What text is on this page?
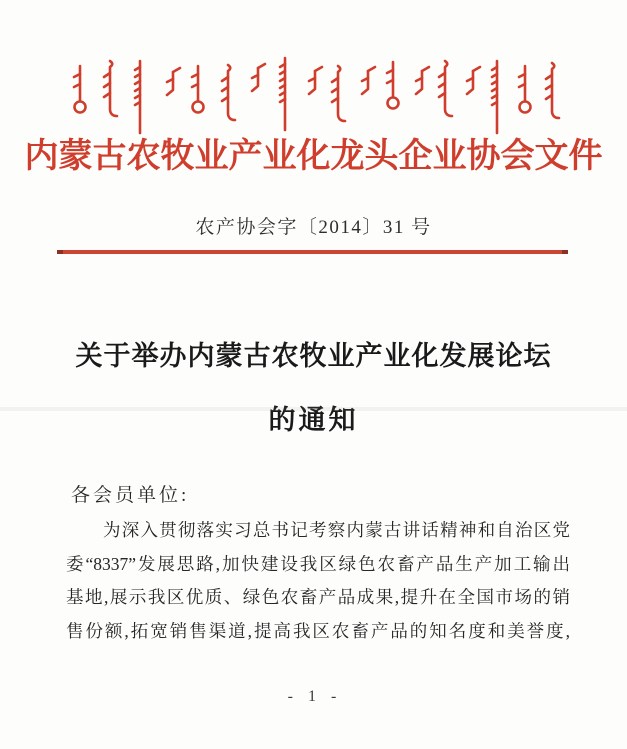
内蒙古农牧业产业化龙头企业协会文件
农产协会字〔2014〕31 号
关于举办内蒙古农牧业产业化发展论坛
的通知
各会员单位:
为深入贯彻落实习总书记考察内蒙古讲话精神和自治区党
委“8337”发展思路,加快建设我区绿色农畜产品生产加工输出
基地,展示我区优质、绿色农畜产品成果,提升在全国市场的销
售份额,拓宽销售渠道,提高我区农畜产品的知名度和美誉度,
- 1 -
